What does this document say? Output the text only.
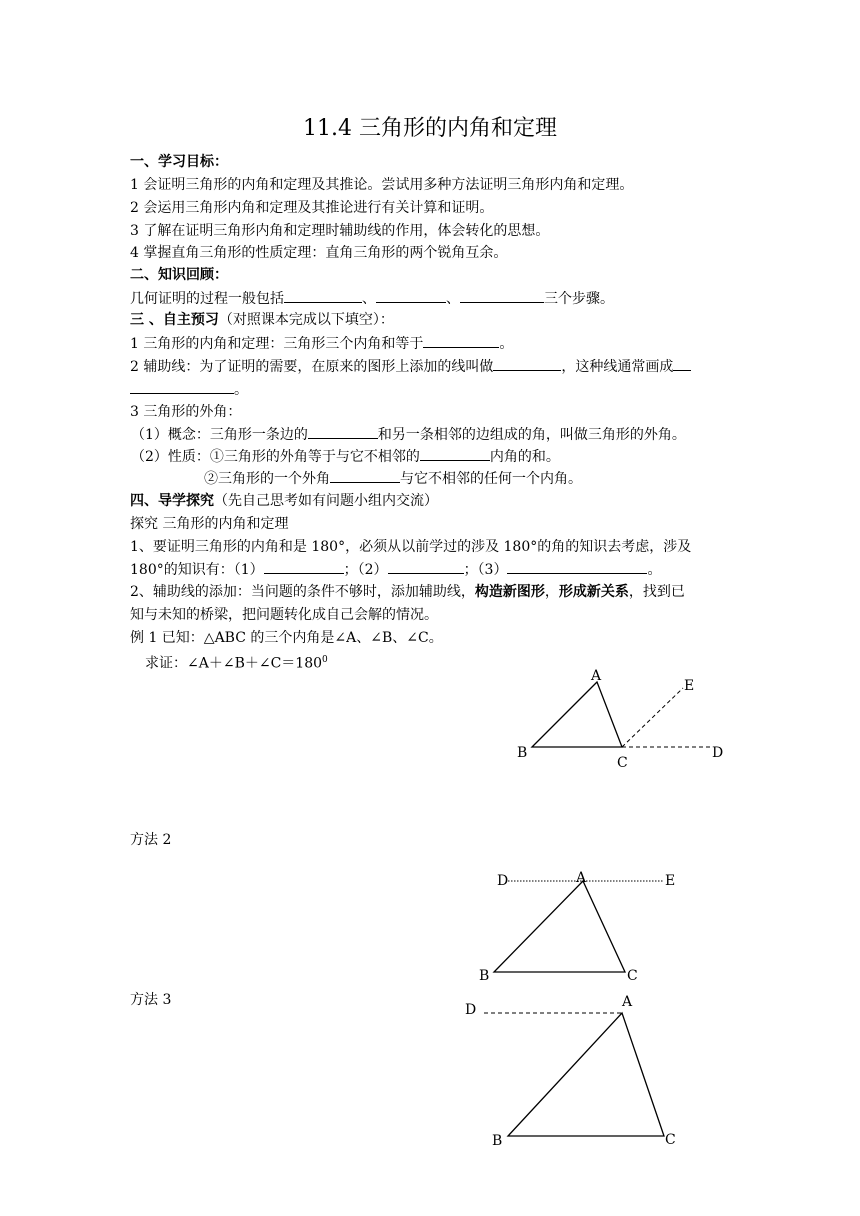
11.4 三角形的内角和定理
一、学习目标：
1 会证明三角形的内角和定理及其推论。尝试用多种方法证明三角形内角和定理。
2 会运用三角形内角和定理及其推论进行有关计算和证明。
3 了解在证明三角形内角和定理时辅助线的作用，体会转化的思想。
4 掌握直角三角形的性质定理：直角三角形的两个锐角互余。
二、知识回顾：
几何证明的过程一般包括	、	、	三个步骤。
三 、自主预习（对照课本完成以下填空）：
1 三角形的内角和定理：三角形三个内角和等于	。
2 辅助线：为了证明的需要，在原来的图形上添加的线叫做	，这种线通常画成
。
3 三角形的外角：
（1）概念：三角形一条边的	和另一条相邻的边组成的角，叫做三角形的外角。
（2）性质：①三角形的外角等于与它不相邻的	内角的和。
②三角形的一个外角	与它不相邻的任何一个内角。
四、导学探究（先自己思考如有问题小组内交流）
探究 三角形的内角和定理
1、要证明三角形的内角和是 180°，必须从以前学过的涉及 180°的角的知识去考虑，涉及
180°的知识有：（1）	；（2）	；（3）	。
2、辅助线的添加：当问题的条件不够时，添加辅助线，构造新图形，形成新关系，找到已
知与未知的桥梁，把问题转化成自己会解的情况。
例 1 已知：△ABC 的三个内角是∠A、∠B、∠C。
求证：$\angle A+\angle B+\angle C=180^0$
方法 2
方法 3
A
B
C
D
E
D	A	E
B	C
D	A
B	C
